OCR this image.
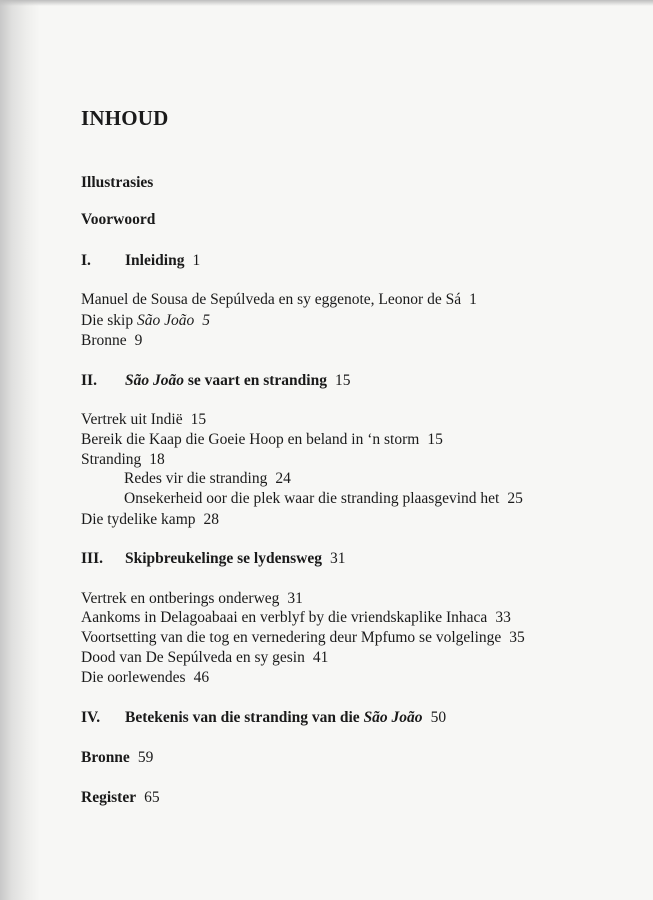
INHOUD
Illustrasies
Voorwoord
I. Inleiding 1
Manuel de Sousa de Sepúlveda en sy eggenote, Leonor de Sá 1
Die skip São João 5
Bronne 9
II. São João se vaart en stranding 15
Vertrek uit Indië 15
Bereik die Kaap die Goeie Hoop en beland in ‘n storm 15
Stranding 18
Redes vir die stranding 24
Onsekerheid oor die plek waar die stranding plaasgevind het 25
Die tydelike kamp 28
III. Skipbreukelinge se lydensweg 31
Vertrek en ontberings onderweg 31
Aankoms in Delagoabaai en verblyf by die vriendskaplike Inhaca 33
Voortsetting van die tog en vernedering deur Mpfumo se volgelinge 35
Dood van De Sepúlveda en sy gesin 41
Die oorlewendes 46
IV. Betekenis van die stranding van die São João 50
Bronne 59
Register 65
